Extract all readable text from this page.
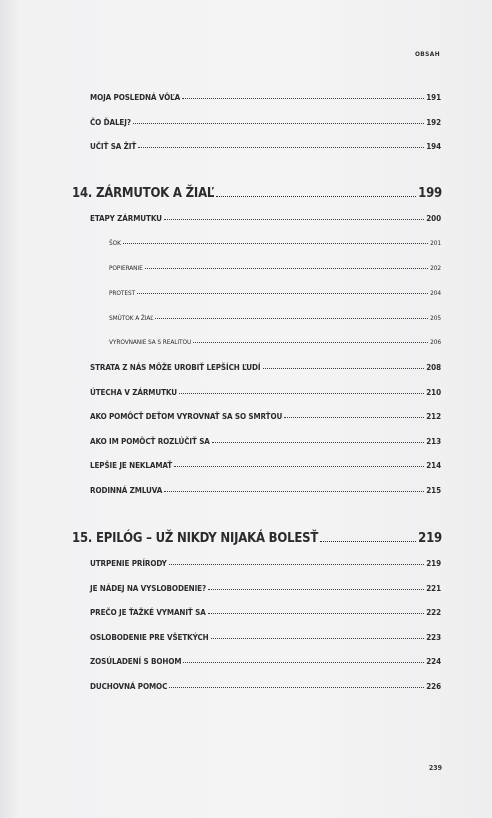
OBSAH
MOJA POSLEDNÁ VÔĽA	191
ČO ĎALEJ?	192
UČIŤ SA ŽIŤ	194
14. ZÁRMUTOK A ŽIAĽ	199
ETAPY ZÁRMUTKU	200
ŠOK	201
POPIERANIE	202
PROTEST	204
SMÚTOK A ŽIAĽ	205
VYROVNANIE SA S REALITOU	206
STRATA Z NÁS MÔŽE UROBIŤ LEPŠÍCH ĽUDÍ	208
ÚTECHA V ZÁRMUTKU	210
AKO POMÔCŤ DEŤOM VYROVNAŤ SA SO SMRŤOU	212
AKO IM POMÔCŤ ROZLÚČIŤ SA	213
LEPŠIE JE NEKLAMAŤ	214
RODINNÁ ZMLUVA	215
15. EPILÓG – UŽ NIKDY NIJAKÁ BOLESŤ	219
UTRPENIE PRÍRODY	219
JE NÁDEJ NA VYSLOBODENIE?	221
PREČO JE ŤAŽKÉ VYMANIŤ SA	222
OSLOBODENIE PRE VŠETKÝCH	223
ZOSÚLADENÍ S BOHOM	224
DUCHOVNÁ POMOC	226
239
